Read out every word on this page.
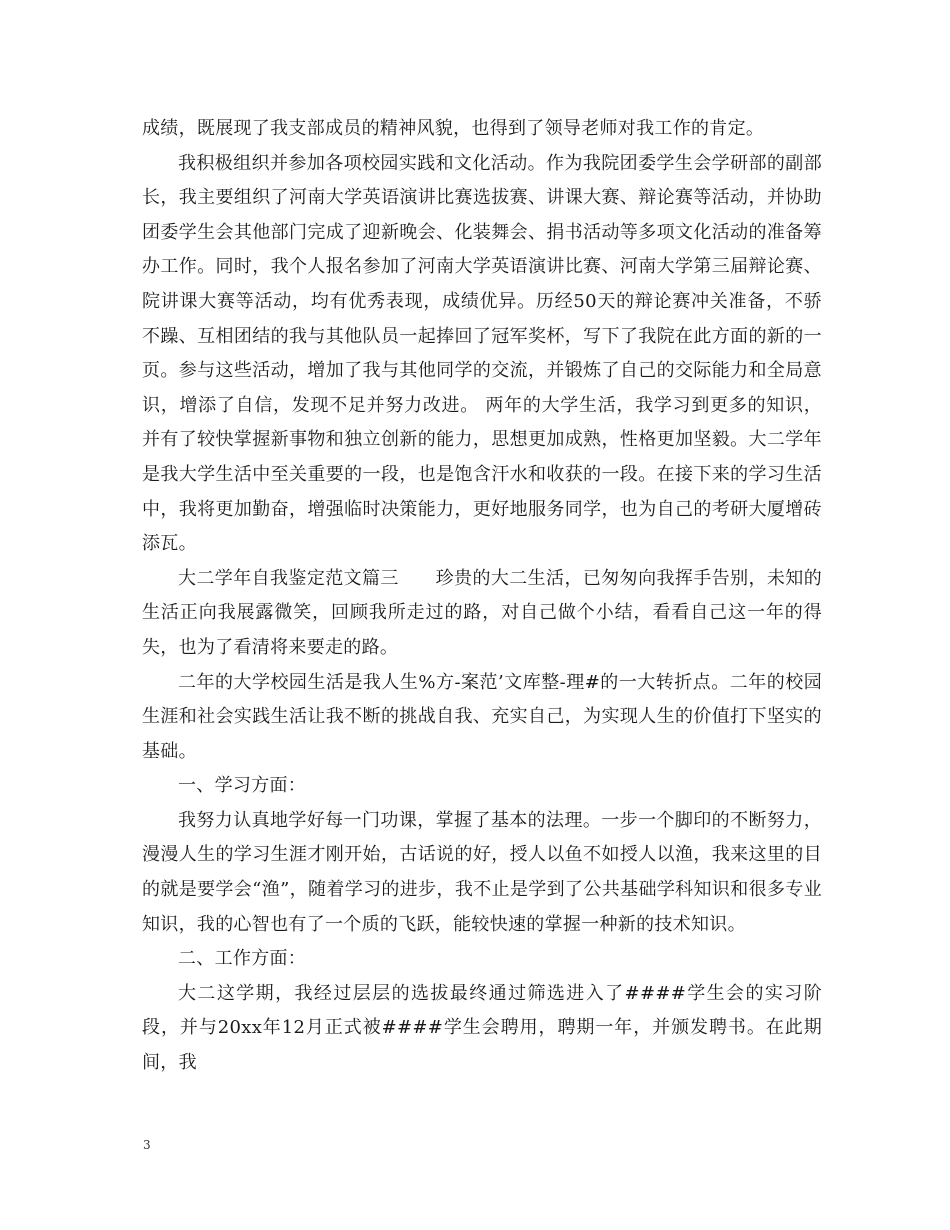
成绩，既展现了我支部成员的精神风貌，也得到了领导老师对我工作的肯定。

我积极组织并参加各项校园实践和文化活动。作为我院团委学生会学研部的副部长，我主要组织了河南大学英语演讲比赛选拔赛、讲课大赛、辩论赛等活动，并协助团委学生会其他部门完成了迎新晚会、化装舞会、捐书活动等多项文化活动的准备筹办工作。同时，我个人报名参加了河南大学英语演讲比赛、河南大学第三届辩论赛、院讲课大赛等活动，均有优秀表现，成绩优异。历经50天的辩论赛冲关准备，不骄不躁、互相团结的我与其他队员一起捧回了冠军奖杯，写下了我院在此方面的新的一页。参与这些活动，增加了我与其他同学的交流，并锻炼了自己的交际能力和全局意识，增添了自信，发现不足并努力改进。 两年的大学生活，我学习到更多的知识，并有了较快掌握新事物和独立创新的能力，思想更加成熟，性格更加坚毅。大二学年是我大学生活中至关重要的一段，也是饱含汗水和收获的一段。在接下来的学习生活中，我将更加勤奋，增强临时决策能力，更好地服务同学，也为自己的考研大厦增砖添瓦。

大二学年自我鉴定范文篇三　　珍贵的大二生活，已匆匆向我挥手告别，未知的生活正向我展露微笑，回顾我所走过的路，对自己做个小结，看看自己这一年的得失，也为了看清将来要走的路。

二年的大学校园生活是我人生%方-案范’文库整-理#的一大转折点。二年的校园生涯和社会实践生活让我不断的挑战自我、充实自己，为实现人生的价值打下坚实的基础。

一、学习方面：

我努力认真地学好每一门功课，掌握了基本的法理。一步一个脚印的不断努力，漫漫人生的学习生涯才刚开始，古话说的好，授人以鱼不如授人以渔，我来这里的目的就是要学会“渔”，随着学习的进步，我不止是学到了公共基础学科知识和很多专业知识，我的心智也有了一个质的飞跃，能较快速的掌握一种新的技术知识。

二、工作方面：

大二这学期，我经过层层的选拔最终通过筛选进入了####学生会的实习阶段，并与20xx年12月正式被####学生会聘用，聘期一年，并颁发聘书。在此期间，我

3
